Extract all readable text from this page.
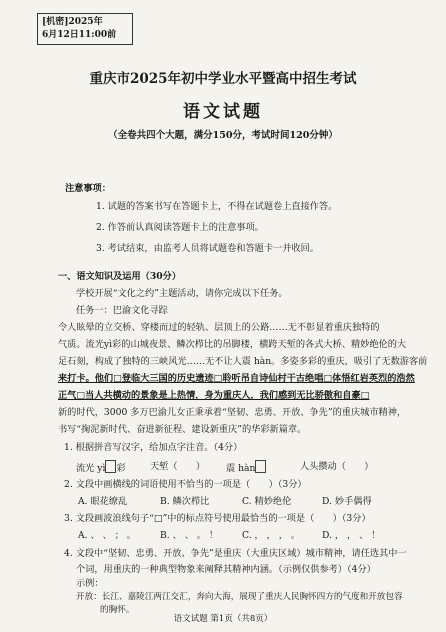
[机密]2025年
6月12日11:00前
重庆市2025年初中学业水平暨高中招生考试
语文试题
（全卷共四个大题，满分150分，考试时间120分钟）
注意事项：
1. 试题的答案书写在答题卡上，不得在试题卷上直接作答。
2. 作答前认真阅读答题卡上的注意事项。
3. 考试结束，由监考人员将试题卷和答题卡一并收回。
一、语文知识及运用（30分）
学校开展“文化之约”主题活动，请你完成以下任务。
任务一：巴渝文化寻踪
令人眩晕的立交桥、穿楼而过的轻轨、层顶上的公路……无不彰显着重庆独特的
气质。流光yì彩的山城夜景、鳞次栉比的吊脚楼，横跨天堑的各式大桥、精妙绝伦的大
足石刻，构成了独特的三峡风光……无不让人震 hàn。多姿多彩的重庆，吸引了无数游客前
来打卡。他们□登临大三国的历史遗迹□聆听吊自诗仙村干古绝唱□体悟红岩英烈的浩然
正气□当人共横动的景象是上热情，身为重庆人，我们感到无比骄傲和自豪□
新的时代，3000 多万巴渝儿女正秉承着“坚韧、忠勇、开放、争先”的重庆城市精神，
书写“掬泥新时代、奋进新征程、建设新重庆”的华彩新篇章。
1. 根据拼音写汉字，给加点字注音。（4分）
流光 yì 彩	天堑（　　） 震 hàn	人头攒动（　　）
2. 文段中画横线的词语使用不恰当的一项是（　　）（3分）
A. 眼花缭乱	B. 鳞次栉比	C. 精妙绝伦	D. 妙手偶得
3. 文段画波浪线句子“□”中的标点符号使用最恰当的一项是（　　）（3分）
A. 、 、 ； 。	B. 、 、 。 ！	C. ， ， ， 。 D. ， ， 、 ！
4. 文段中“坚韧、忠勇、开放、争先”是重庆（大重庆区域）城市精神，请任选其中一
个词，用重庆的一种典型物象来阐释其精神内涵。（示例仅供参考）（4分）
示例：
开放：长江、嘉陵江两江交汇，奔向大海，展现了重庆人民胸怀四方的气度和开放包容
的胸怀。
语文试题 第1页（共8页）
